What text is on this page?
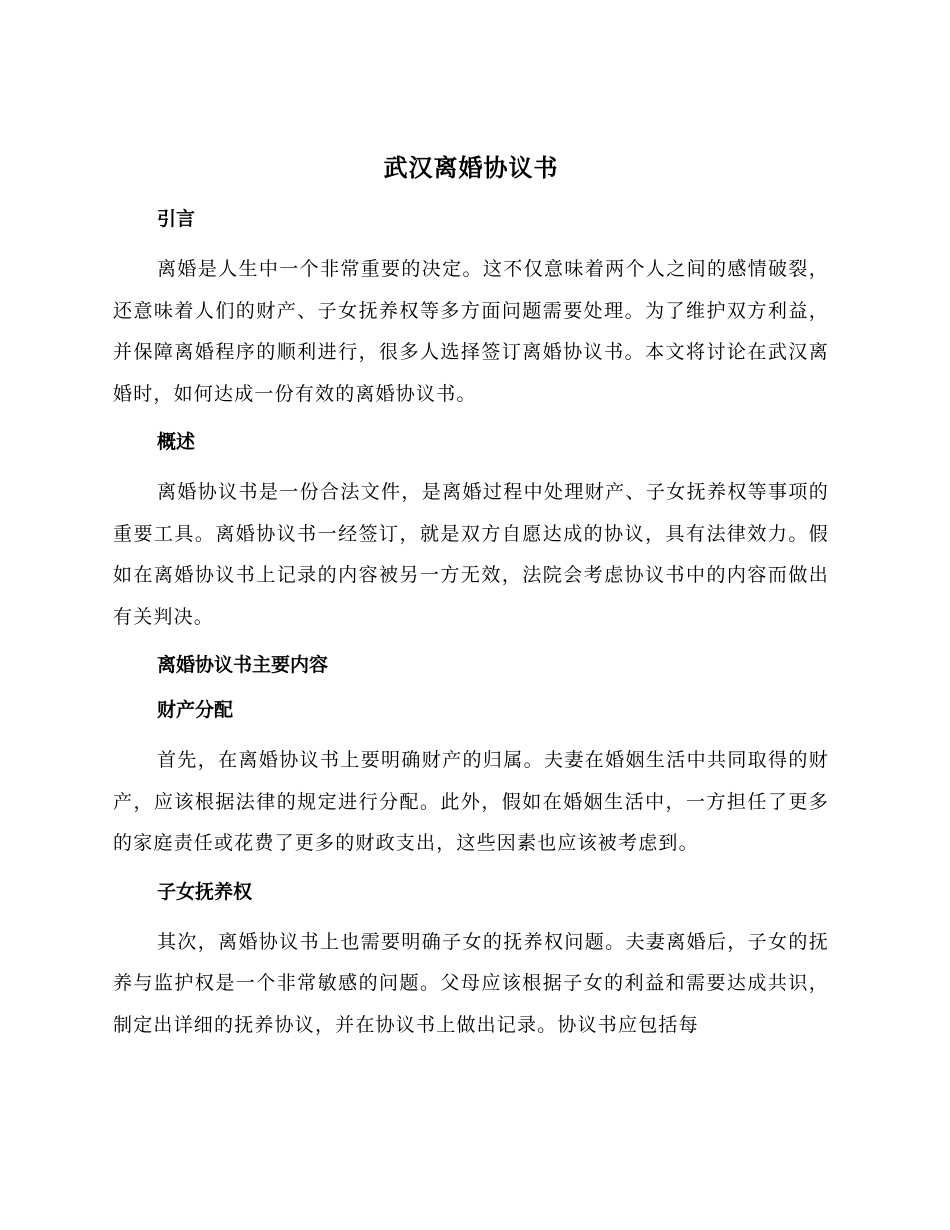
武汉离婚协议书
引言

离婚是人生中一个非常重要的决定。这不仅意味着两个人之间的感情破裂，还意味着人们的财产、子女抚养权等多方面问题需要处理。为了维护双方利益，并保障离婚程序的顺利进行，很多人选择签订离婚协议书。本文将讨论在武汉离婚时，如何达成一份有效的离婚协议书。

概述

离婚协议书是一份合法文件，是离婚过程中处理财产、子女抚养权等事项的重要工具。离婚协议书一经签订，就是双方自愿达成的协议，具有法律效力。假如在离婚协议书上记录的内容被另一方无效，法院会考虑协议书中的内容而做出有关判决。

离婚协议书主要内容
财产分配

首先，在离婚协议书上要明确财产的归属。夫妻在婚姻生活中共同取得的财产，应该根据法律的规定进行分配。此外，假如在婚姻生活中，一方担任了更多的家庭责任或花费了更多的财政支出，这些因素也应该被考虑到。

子女抚养权

其次，离婚协议书上也需要明确子女的抚养权问题。夫妻离婚后，子女的抚养与监护权是一个非常敏感的问题。父母应该根据子女的利益和需要达成共识，制定出详细的抚养协议，并在协议书上做出记录。协议书应包括每
